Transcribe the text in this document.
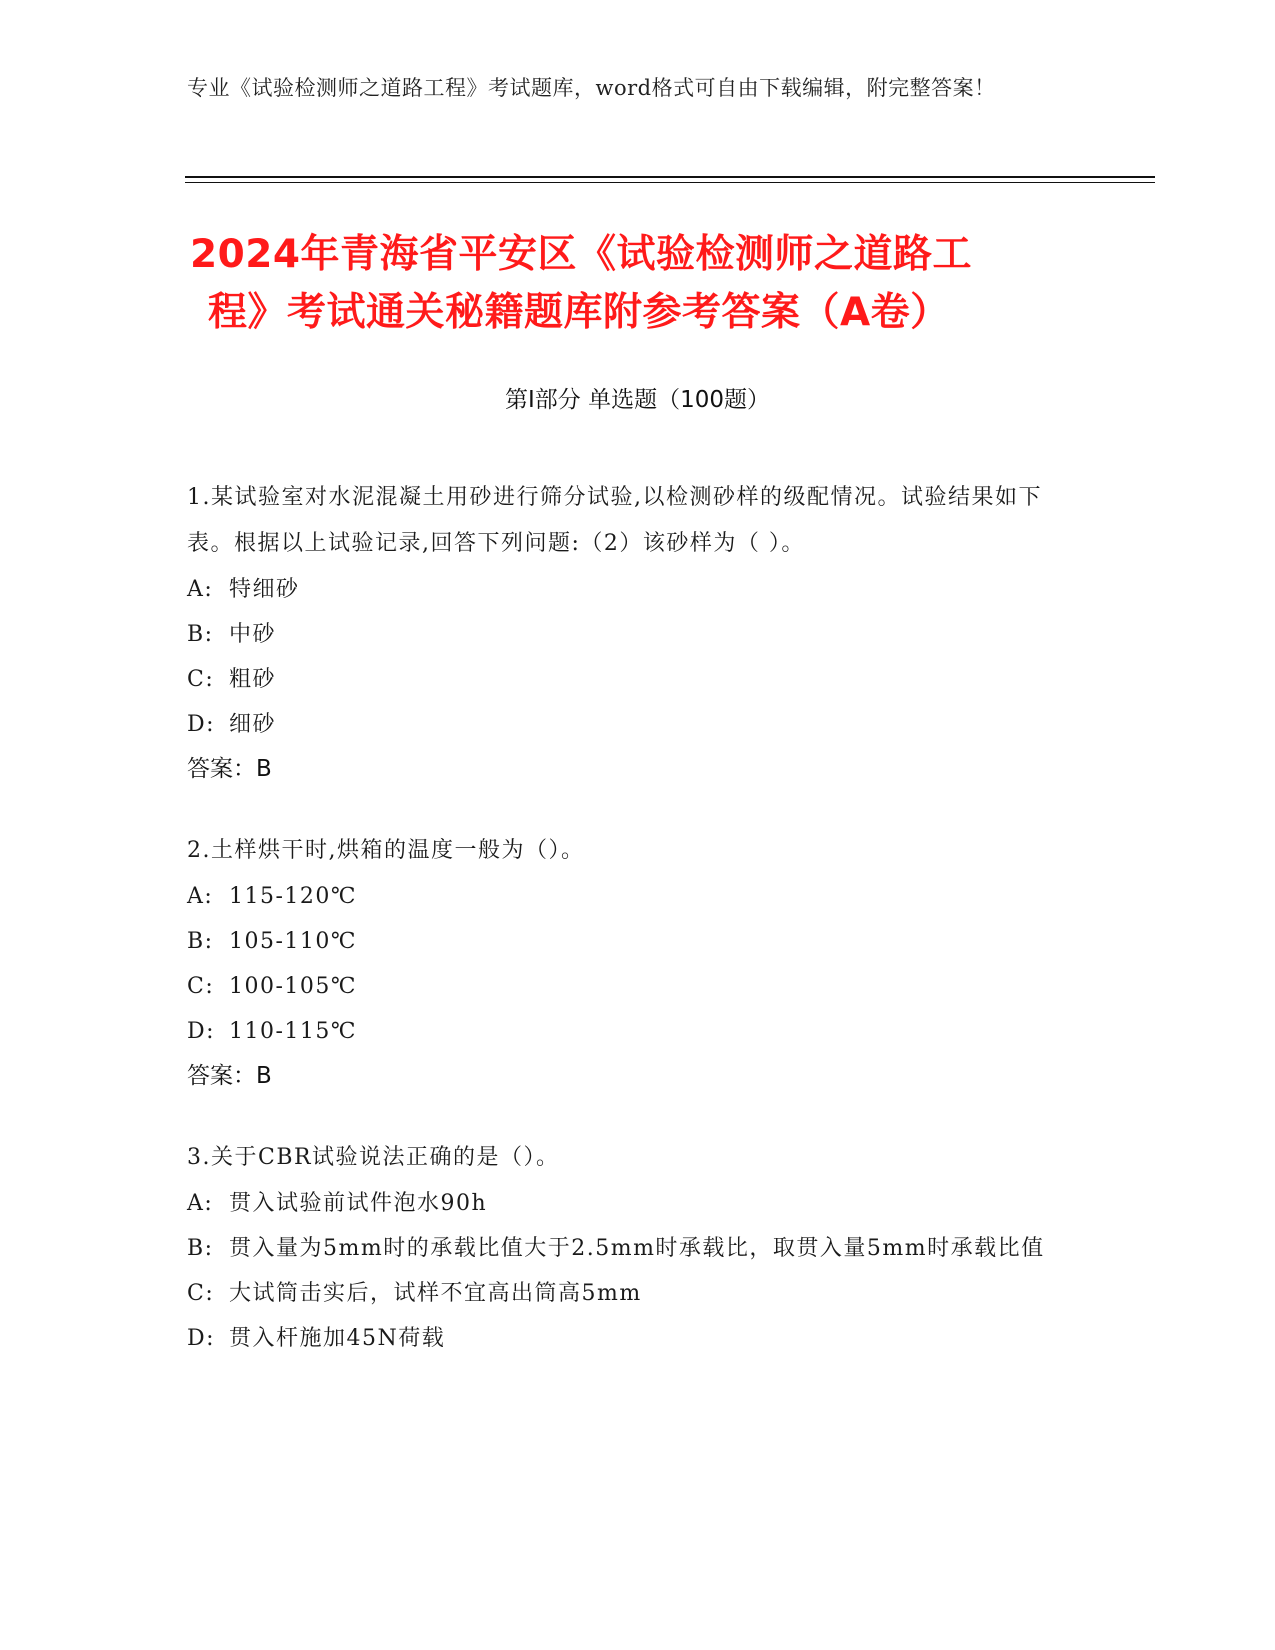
专业《试验检测师之道路工程》考试题库，word格式可自由下载编辑，附完整答案！
2024年青海省平安区《试验检测师之道路工
程》考试通关秘籍题库附参考答案（A卷）
第Ⅰ部分 单选题（100题）
1.某试验室对水泥混凝土用砂进行筛分试验,以检测砂样的级配情况。试验结果如下表。根据以上试验记录,回答下列问题:（2）该砂样为（ ）。
A: 特细砂
B: 中砂
C: 粗砂
D: 细砂
答案：B
2.土样烘干时,烘箱的温度一般为（）。
A: 115-120℃
B: 105-110℃
C: 100-105℃
D: 110-115℃
答案：B
3.关于CBR试验说法正确的是（）。
A: 贯入试验前试件泡水90h
B: 贯入量为5mm时的承载比值大于2.5mm时承载比，取贯入量5mm时承载比值
C: 大试筒击实后，试样不宜高出筒高5mm
D: 贯入杆施加45N荷载
